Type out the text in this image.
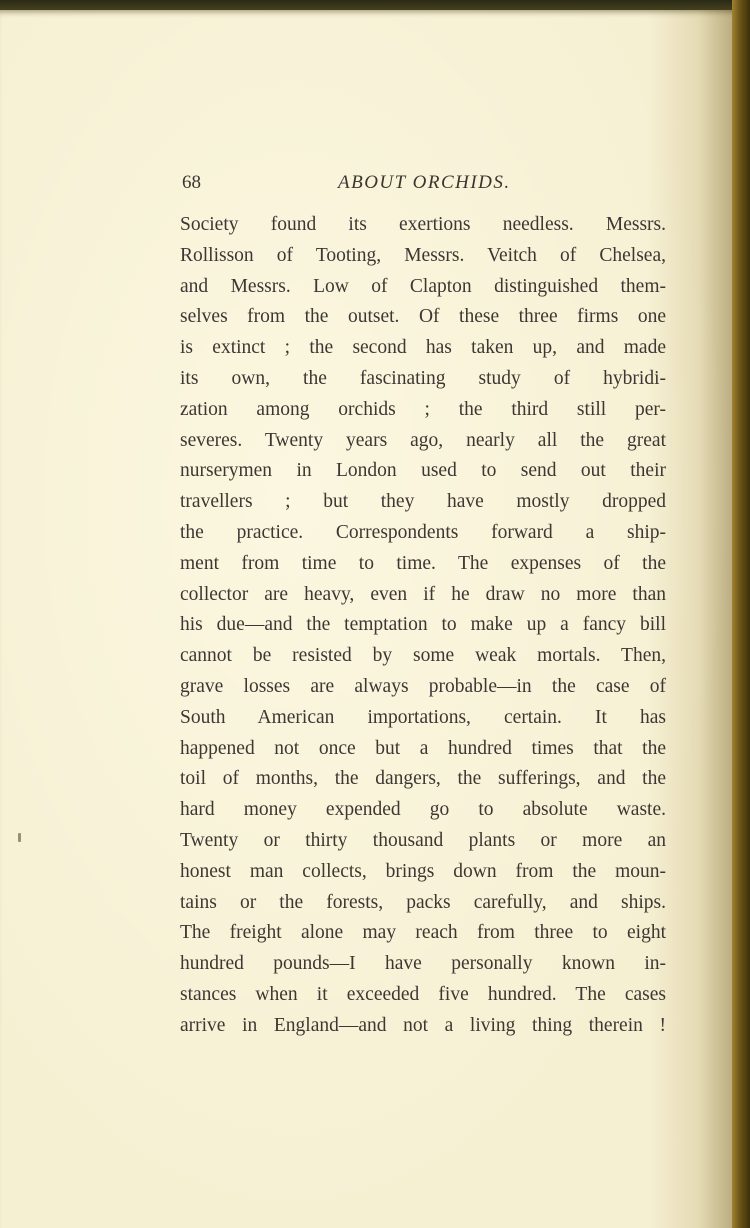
68	ABOUT ORCHIDS.
Society found its exertions needless. Messrs.
Rollisson of Tooting, Messrs. Veitch of Chelsea,
and Messrs. Low of Clapton distinguished them-
selves from the outset. Of these three firms one
is extinct ; the second has taken up, and made
its own, the fascinating study of hybridi-
zation among orchids ; the third still per-
severes. Twenty years ago, nearly all the great
nurserymen in London used to send out their
travellers ; but they have mostly dropped
the practice. Correspondents forward a ship-
ment from time to time. The expenses of the
collector are heavy, even if he draw no more than
his due—and the temptation to make up a fancy bill
cannot be resisted by some weak mortals. Then,
grave losses are always probable—in the case of
South American importations, certain. It has
happened not once but a hundred times that the
toil of months, the dangers, the sufferings, and the
hard money expended go to absolute waste.
Twenty or thirty thousand plants or more an
honest man collects, brings down from the moun-
tains or the forests, packs carefully, and ships.
The freight alone may reach from three to eight
hundred pounds—I have personally known in-
stances when it exceeded five hundred. The cases
arrive in England—and not a living thing therein !
